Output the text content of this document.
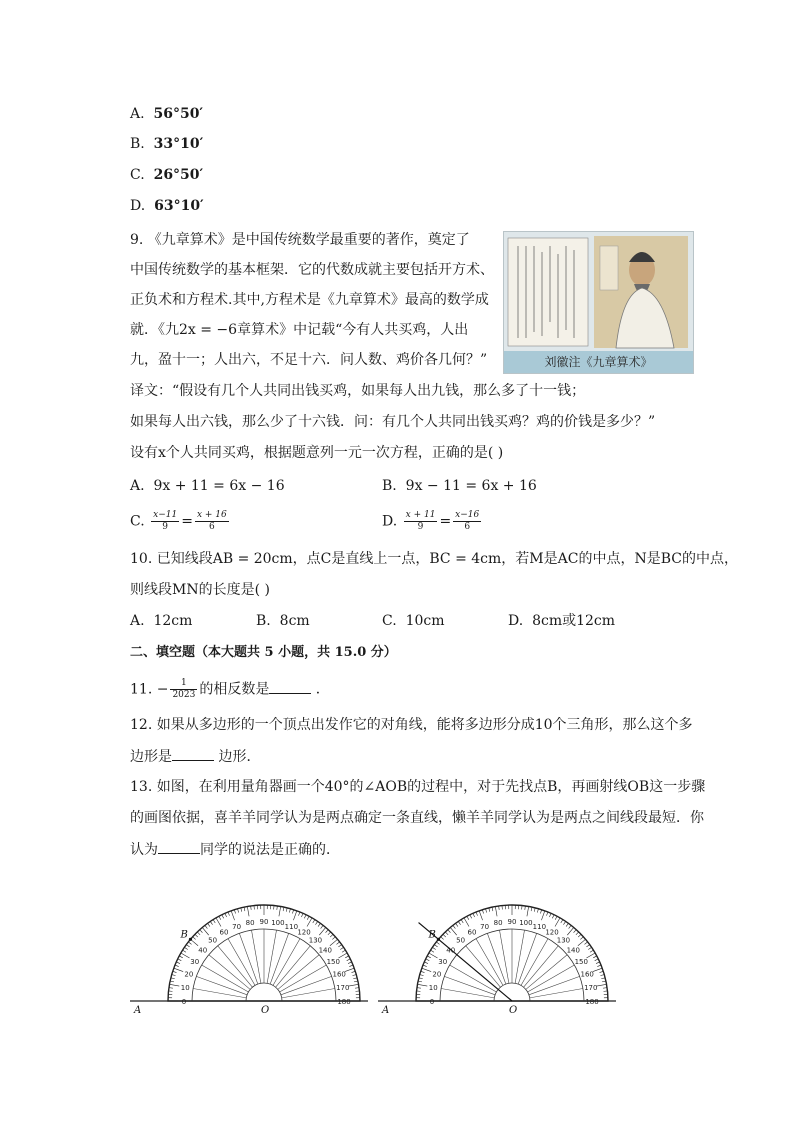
A. 56°50′
B. 33°10′
C. 26°50′
D. 63°10′
9. 《九章算术》是中国传统数学最重要的著作，奠定了
中国传统数学的基本框架．它的代数成就主要包括开方术、
正负术和方程术.其中,方程术是《九章算术》最高的数学成
就．《九2x = −6章算术》中记载“今有人共买鸡，人出
九，盈十一；人出六，不足十六．问人数、鸡价各几何？”	刘徽注《九章算术》
译文：“假设有几个人共同出钱买鸡，如果每人出九钱，那么多了十一钱；
如果每人出六钱，那么少了十六钱．问：有几个人共同出钱买鸡？鸡的价钱是多少？”
设有x个人共同买鸡，根据题意列一元一次方程，正确的是( )
A. 9x + 11 = 6x − 16	B. 9x − 11 = 6x + 16
C. $\frac{x-11}{9} = \frac{x + 16}{6}$	D. $\frac{x + 11}{9} = \frac{x-16}{6}$
10. 已知线段AB = 20cm，点C是直线上一点，BC = 4cm，若M是AC的中点，N是BC的中点，
则线段MN的长度是( )
A. 12cm	B. 8cm	C. 10cm	D. 8cm或12cm
二、填空题（本大题共 5 小题，共 15.0 分）
11. − $\frac{1}{2023}$ 的相反数是	．
12. 如果从多边形的一个顶点出发作它的对角线，能将多边形分成10个三角形，那么这个多
边形是	边形．
13. 如图，在利用量角器画一个40°的∠AOB的过程中，对于先找点B，再画射线OB这一步骤
的画图依据，喜羊羊同学认为是两点确定一条直线，懒羊羊同学认为是两点之间线段最短．你
认为	同学的说法是正确的．
0
10
20
30
40
50
60
70 80 90 100 110
120
130
140
150
160
170
180
B
A	O
0
10
20
30
40
50
60
70 80 90 100 110
120
130
140
150
160
170
180
B
A	O
